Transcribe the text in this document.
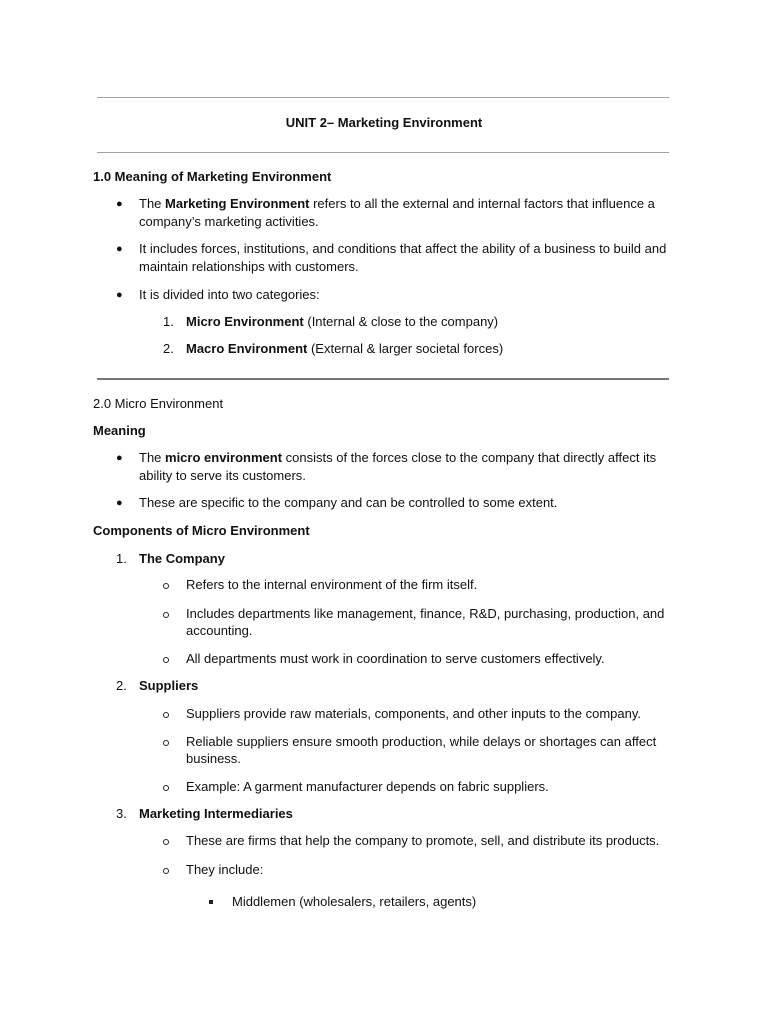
UNIT 2– Marketing Environment
1.0 Meaning of Marketing Environment
● The Marketing Environment refers to all the external and internal factors that influence a
company’s marketing activities.
● It includes forces, institutions, and conditions that affect the ability of a business to build and
maintain relationships with customers.
● It is divided into two categories:
1. Micro Environment (Internal & close to the company)
2. Macro Environment (External & larger societal forces)
2.0 Micro Environment
Meaning
● The micro environment consists of the forces close to the company that directly affect its
ability to serve its customers.
● These are specific to the company and can be controlled to some extent.
Components of Micro Environment
1. The Company
Refers to the internal environment of the firm itself.
Includes departments like management, finance, R&D, purchasing, production, and
accounting.
All departments must work in coordination to serve customers effectively.
2. Suppliers
Suppliers provide raw materials, components, and other inputs to the company.
Reliable suppliers ensure smooth production, while delays or shortages can affect
business.
Example: A garment manufacturer depends on fabric suppliers.
3. Marketing Intermediaries
These are firms that help the company to promote, sell, and distribute its products.
They include:
Middlemen (wholesalers, retailers, agents)
